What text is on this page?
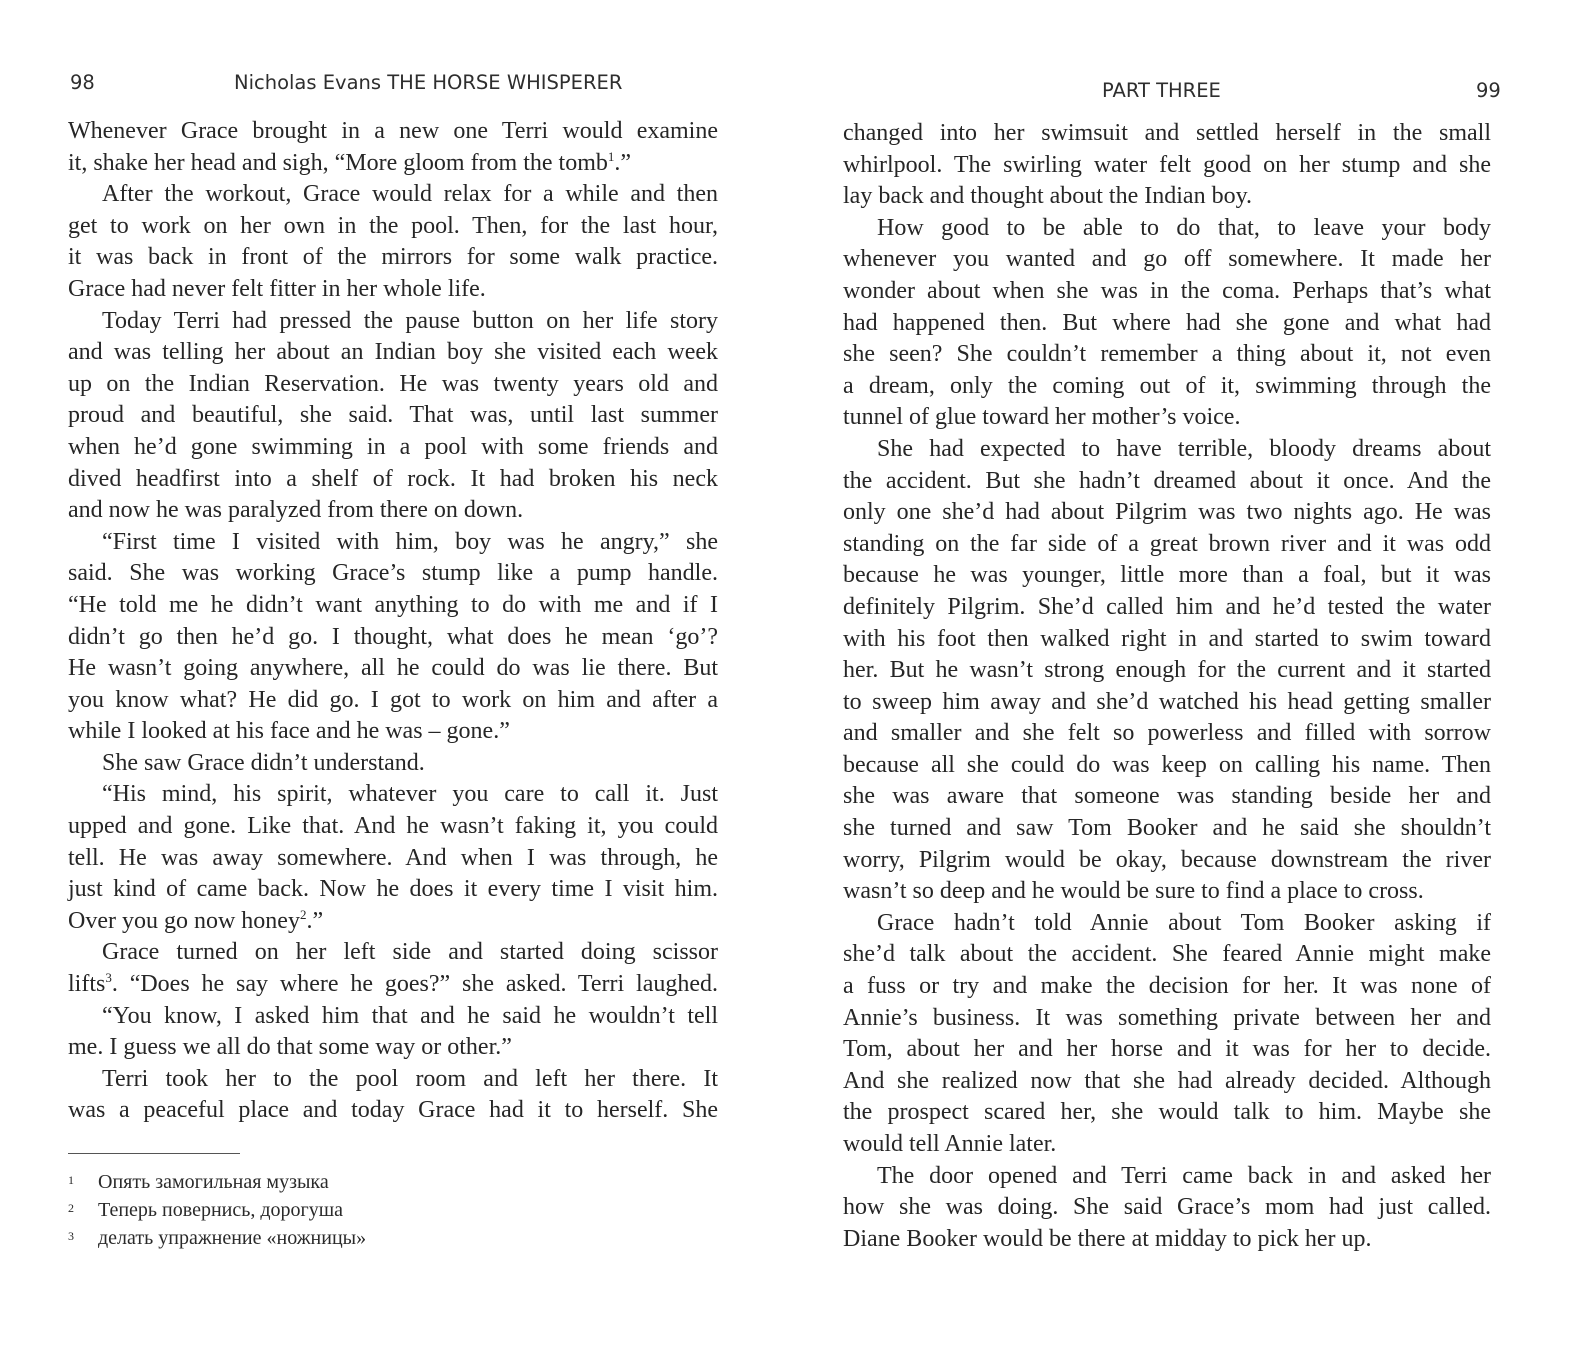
98	Nicholas Evans THE HORSE WHISPERER
Whenever Grace brought in a new one Terri would examine
it, shake her head and sigh, “More gloom from the tomb$^1$.”
After the workout, Grace would relax for a while and then
get to work on her own in the pool. Then, for the last hour,
it was back in front of the mirrors for some walk practice.
Grace had never felt fitter in her whole life.
Today Terri had pressed the pause button on her life story
and was telling her about an Indian boy she visited each week
up on the Indian Reservation. He was twenty years old and
proud and beautiful, she said. That was, until last summer
when he’d gone swimming in a pool with some friends and
dived headfirst into a shelf of rock. It had broken his neck
and now he was paralyzed from there on down.
“First time I visited with him, boy was he angry,” she
said. She was working Grace’s stump like a pump handle.
“He told me he didn’t want anything to do with me and if I
didn’t go then he’d go. I thought, what does he mean ‘go’?
He wasn’t going anywhere, all he could do was lie there. But
you know what? He did go. I got to work on him and after a
while I looked at his face and he was – gone.”
She saw Grace didn’t understand.
“His mind, his spirit, whatever you care to call it. Just
upped and gone. Like that. And he wasn’t faking it, you could
tell. He was away somewhere. And when I was through, he
just kind of came back. Now he does it every time I visit him.
Over you go now honey$^2$.”
Grace turned on her left side and started doing scissor
lifts$^3$. “Does he say where he goes?” she asked. Terri laughed.
“You know, I asked him that and he said he wouldn’t tell
me. I guess we all do that some way or other.”
Terri took her to the pool room and left her there. It
was a peaceful place and today Grace had it to herself. She
1 Опять замогильная музыка
2 Теперь повернись, дорогуша
3 делать упражнение «ножницы»
PART THREE	99
changed into her swimsuit and settled herself in the small
whirlpool. The swirling water felt good on her stump and she
lay back and thought about the Indian boy.
How good to be able to do that, to leave your body
whenever you wanted and go off somewhere. It made her
wonder about when she was in the coma. Perhaps that’s what
had happened then. But where had she gone and what had
she seen? She couldn’t remember a thing about it, not even
a dream, only the coming out of it, swimming through the
tunnel of glue toward her mother’s voice.
She had expected to have terrible, bloody dreams about
the accident. But she hadn’t dreamed about it once. And the
only one she’d had about Pilgrim was two nights ago. He was
standing on the far side of a great brown river and it was odd
because he was younger, little more than a foal, but it was
definitely Pilgrim. She’d called him and he’d tested the water
with his foot then walked right in and started to swim toward
her. But he wasn’t strong enough for the current and it started
to sweep him away and she’d watched his head getting smaller
and smaller and she felt so powerless and filled with sorrow
because all she could do was keep on calling his name. Then
she was aware that someone was standing beside her and
she turned and saw Tom Booker and he said she shouldn’t
worry, Pilgrim would be okay, because downstream the river
wasn’t so deep and he would be sure to find a place to cross.
Grace hadn’t told Annie about Tom Booker asking if
she’d talk about the accident. She feared Annie might make
a fuss or try and make the decision for her. It was none of
Annie’s business. It was something private between her and
Tom, about her and her horse and it was for her to decide.
And she realized now that she had already decided. Although
the prospect scared her, she would talk to him. Maybe she
would tell Annie later.
The door opened and Terri came back in and asked her
how she was doing. She said Grace’s mom had just called.
Diane Booker would be there at midday to pick her up.
